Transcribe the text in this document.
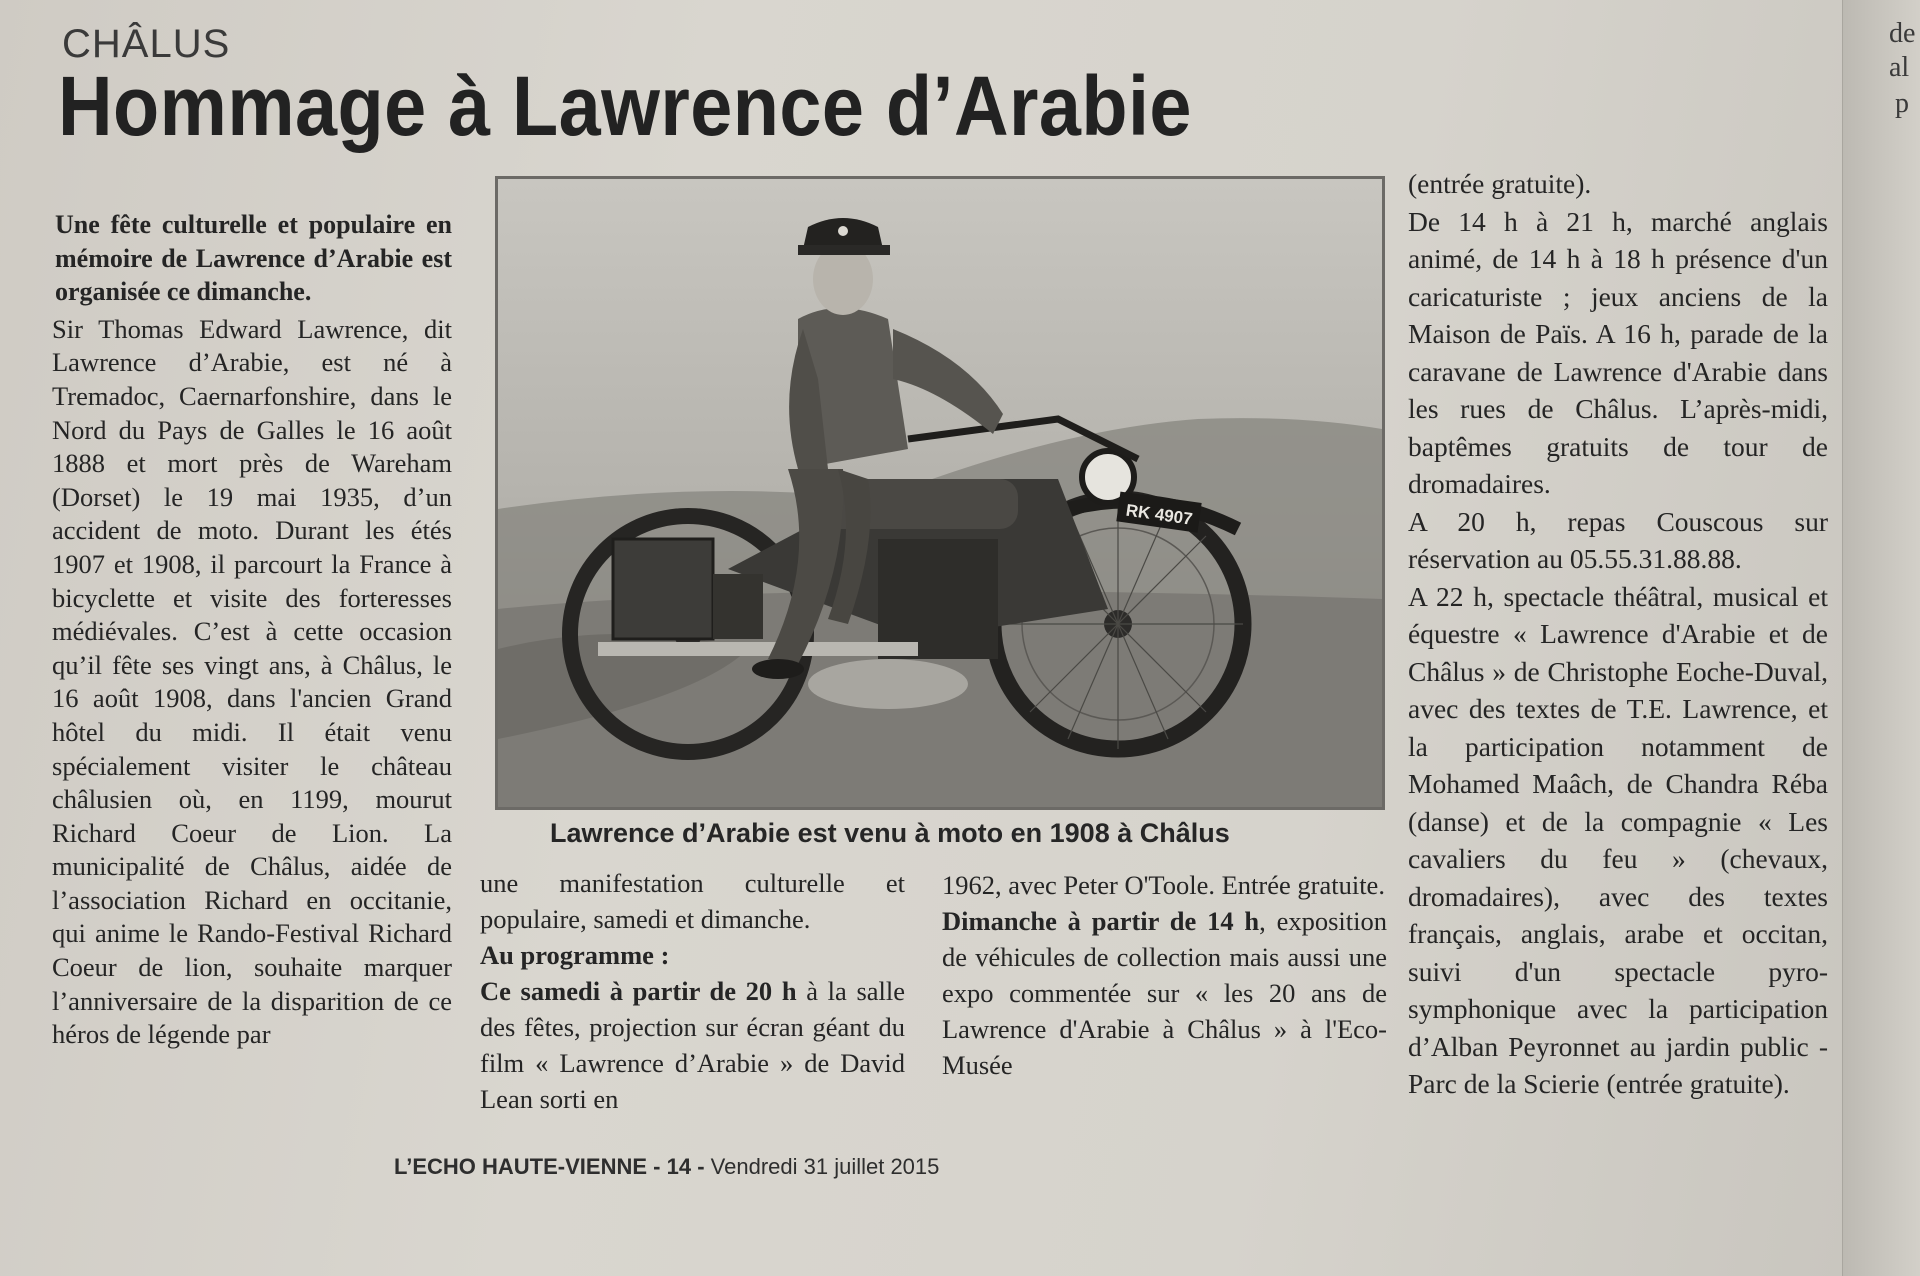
CHÂLUS
Hommage à Lawrence d’Arabie

Une fête culturelle et populaire en mémoire de Lawrence d’Arabie est organisée ce dimanche.

Sir Thomas Edward Lawrence, dit Lawrence d’Arabie, est né à Tremadoc, Caernarfonshire, dans le Nord du Pays de Galles le 16 août 1888 et mort près de Wareham (Dorset) le 19 mai 1935, d’un accident de moto. Durant les étés 1907 et 1908, il parcourt la France à bicyclette et visite des forteresses médiévales. C’est à cette occasion qu’il fête ses vingt ans, à Châlus, le 16 août 1908, dans l'ancien Grand hôtel du midi. Il était venu spécialement visiter le château châlusien où, en 1199, mourut Richard Coeur de Lion. La municipalité de Châlus, aidée de l’association Richard en occitanie, qui anime le Rando-Festival Richard Coeur de lion, souhaite marquer l’anniversaire de la disparition de ce héros de légende par

RK 4907
Lawrence d’Arabie est venu à moto en 1908 à Châlus

une manifestation culturelle et populaire, samedi et dimanche.

Au programme :

Ce samedi à partir de 20 h à la salle des fêtes, projection sur écran géant du film « Lawrence d’Arabie » de David Lean sorti en

1962, avec Peter O'Toole. Entrée gratuite.

Dimanche à partir de 14 h, exposition de véhicules de collection mais aussi une expo commentée sur « les 20 ans de Lawrence d'Arabie à Châlus » à l'Eco-Musée

(entrée gratuite).

De 14 h à 21 h, marché anglais animé, de 14 h à 18 h présence d'un caricaturiste ; jeux anciens de la Maison de Païs. A 16 h, parade de la caravane de Lawrence d'Arabie dans les rues de Châlus. L’après-midi, baptêmes gratuits de tour de dromadaires.

A 20 h, repas Couscous sur réservation au 05.55.31.88.88.

A 22 h, spectacle théâtral, musical et équestre « Lawrence d'Arabie et de Châlus » de Christophe Eoche-Duval, avec des textes de T.E. Lawrence, et la participation notamment de Mohamed Maâch, de Chandra Réba (danse) et de la compagnie « Les cavaliers du feu » (chevaux, dromadaires), avec des textes français, anglais, arabe et occitan, suivi d'un spectacle pyro-symphonique avec la participation d’Alban Peyronnet au jardin public - Parc de la Scierie (entrée gratuite).

L’ECHO HAUTE-VIENNE - 14 - Vendredi 31 juillet 2015
de
al
p
